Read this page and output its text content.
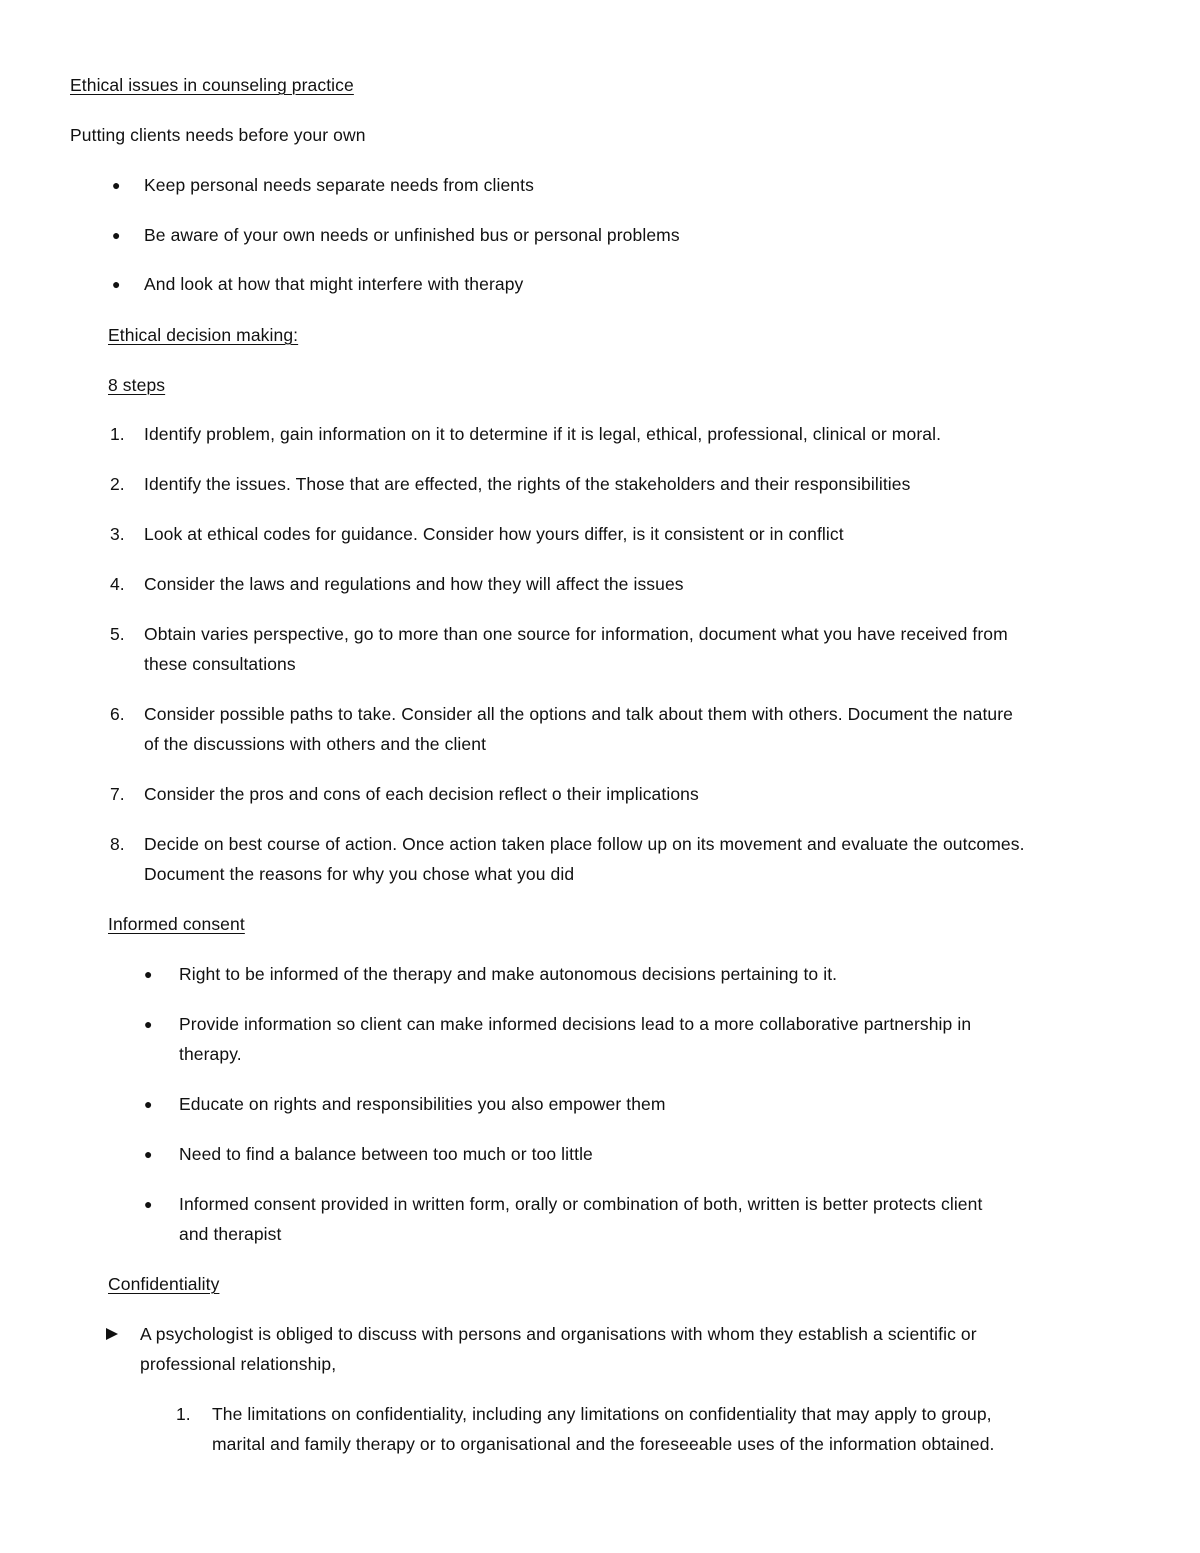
Ethical issues in counseling practice
Putting clients needs before your own
● Keep personal needs separate needs from clients
● Be aware of your own needs or unfinished bus or personal problems
● And look at how that might interfere with therapy
Ethical decision making:
8 steps
1. Identify problem, gain information on it to determine if it is legal, ethical, professional, clinical or moral.
2. Identify the issues. Those that are effected, the rights of the stakeholders and their responsibilities
3. Look at ethical codes for guidance. Consider how yours differ, is it consistent or in conflict
4. Consider the laws and regulations and how they will affect the issues
5. Obtain varies perspective, go to more than one source for information, document what you have received from
these consultations
6. Consider possible paths to take. Consider all the options and talk about them with others. Document the nature
of the discussions with others and the client
7. Consider the pros and cons of each decision reflect o their implications
8. Decide on best course of action. Once action taken place follow up on its movement and evaluate the outcomes.
Document the reasons for why you chose what you did
Informed consent
● Right to be informed of the therapy and make autonomous decisions pertaining to it.
● Provide information so client can make informed decisions lead to a more collaborative partnership in
therapy.
● Educate on rights and responsibilities you also empower them
● Need to find a balance between too much or too little
● Informed consent provided in written form, orally or combination of both, written is better protects client
and therapist
Confidentiality
A psychologist is obliged to discuss with persons and organisations with whom they establish a scientific or
professional relationship,
1. The limitations on confidentiality, including any limitations on confidentiality that may apply to group,
marital and family therapy or to organisational and the foreseeable uses of the information obtained.
